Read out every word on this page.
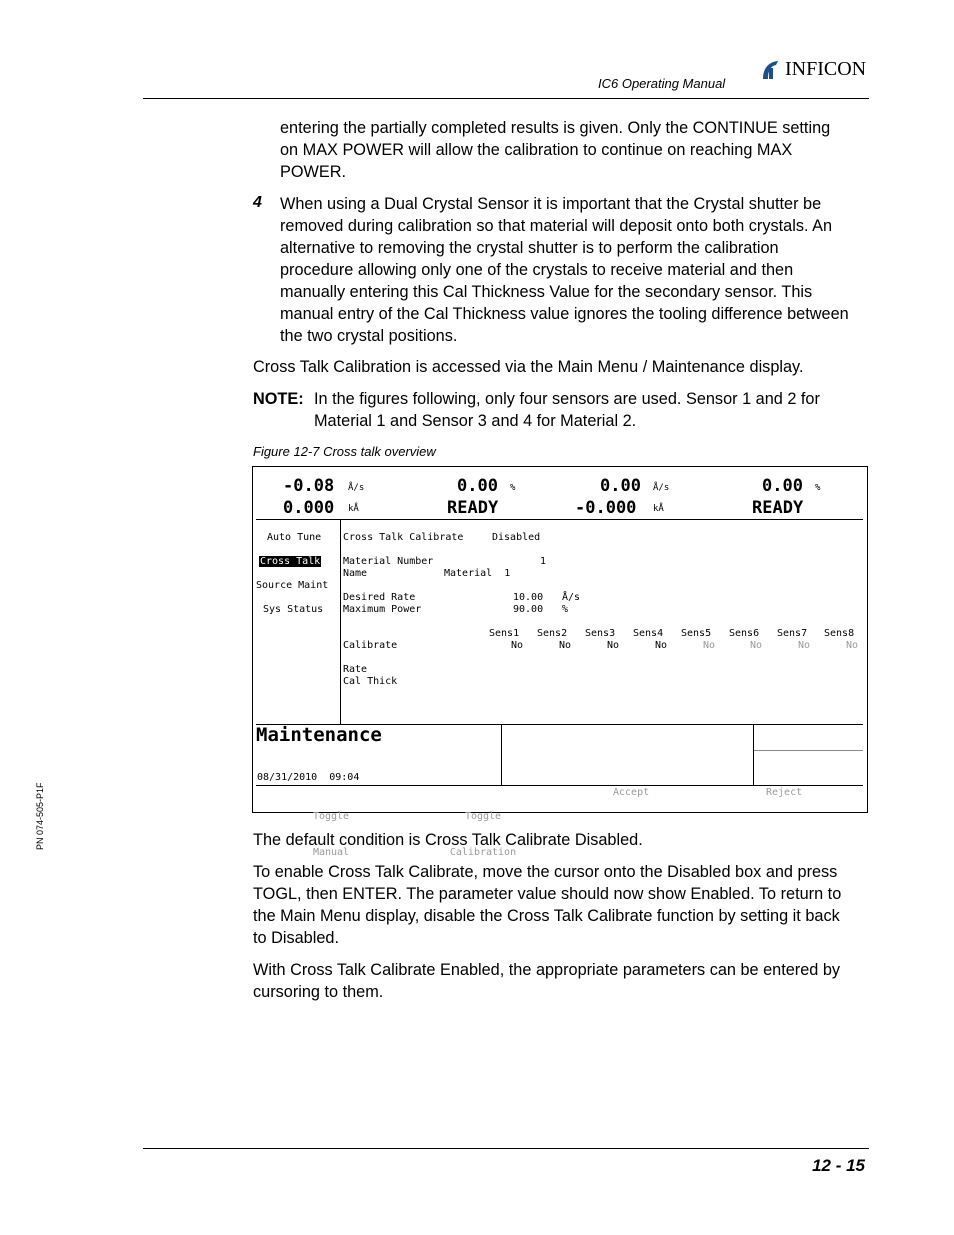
IC6 Operating Manual
INFICON
PN 074-505-P1F
entering the partially completed results is given. Only the CONTINUE setting
on MAX POWER will allow the calibration to continue on reaching MAX
POWER.
4 When using a Dual Crystal Sensor it is important that the Crystal shutter be
removed during calibration so that material will deposit onto both crystals. An
alternative to removing the crystal shutter is to perform the calibration
procedure allowing only one of the crystals to receive material and then
manually entering this Cal Thickness Value for the secondary sensor. This
manual entry of the Cal Thickness value ignores the tooling difference between
the two crystal positions.
Cross Talk Calibration is accessed via the Main Menu / Maintenance display.
NOTE: In the figures following, only four sensors are used. Sensor 1 and 2 for
Material 1 and Sensor 3 and 4 for Material 2.
Figure 12-7 Cross talk overview
-0.08 Å/s
0.000 kÅ
0.00 %
READY
0.00 Å/s
-0.000 kÅ
0.00 %
READY
Auto Tune
Cross Talk
Source Maint
Sys Status
Cross Talk Calibrate	Disabled
Material Number	1
Name	Material  1
Desired Rate	10.00 Å/s
Maximum Power	90.00 %
Sens1 Sens2 Sens3 Sens4 Sens5 Sens6 Sens7 Sens8
Calibrate	No	No	No	No	No	No	No	No
Rate
Cal Thick
Maintenance
08/31/2010  09:04

Toggle

Manual

Toggle

Calibration

Accept	Reject
The default condition is Cross Talk Calibrate Disabled.
To enable Cross Talk Calibrate, move the cursor onto the Disabled box and press
TOGL, then ENTER. The parameter value should now show Enabled. To return to
the Main Menu display, disable the Cross Talk Calibrate function by setting it back
to Disabled.
With Cross Talk Calibrate Enabled, the appropriate parameters can be entered by
cursoring to them.
12 - 15
